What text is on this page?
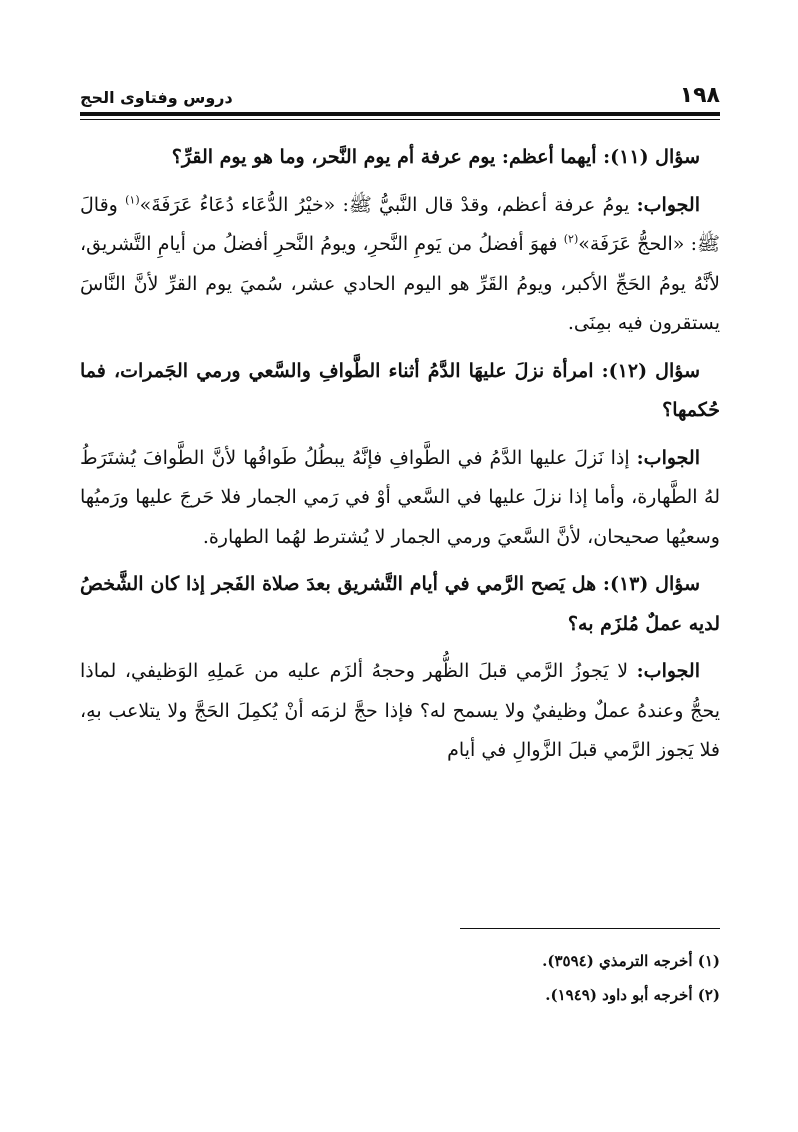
١٩٨
دروس وفتاوى الحج

سؤال (١١): أيهما أعظم: يوم عرفة أم يوم النَّحر، وما هو يوم القرِّ؟

الجواب: يومُ عرفة أعظم، وقدْ قال النَّبيُّ ﷺ: «خيْرُ الدُّعَاء دُعَاءُ عَرَفَةَ»$^{(١)}$ وقالَ ﷺ: «الحجُّ عَرَفَة»$^{(٢)}$ فهوَ أفضلُ من يَومِ النَّحرِ، ويومُ النَّحرِ أفضلُ من أيامِ التَّشريق، لأنَّهُ يومُ الحَجِّ الأكبر، ويومُ القَرِّ هو اليوم الحادي عشر، سُميَ يوم القرِّ لأنَّ النَّاسَ يستقرون فيه بمِنَى.

سؤال (١٢): امرأة نزلَ عليهَا الدَّمُ أثناء الطَّوافِ والسَّعي ورمي الجَمرات، فما حُكمها؟

الجواب: إذا نَزلَ عليها الدَّمُ في الطَّوافِ فإنَّهُ يبطُلُ طَوافُها لأنَّ الطَّوافَ يُشتَرَطُ لهُ الطَّهارة، وأما إذا نزلَ عليها في السَّعي أوْ في رَمي الجمار فلا حَرجَ عليها ورَميُها وسعيُها صحيحان، لأنَّ السَّعيَ ورمي الجمار لا يُشترط لهُما الطهارة.

سؤال (١٣): هل يَصح الرَّمي في أيام التَّشريق بعدَ صلاة الفَجر إذا كان الشَّخصُ لديه عملٌ مُلزَم به؟

الجواب: لا يَجوزُ الرَّمي قبلَ الظُّهر وحجهُ ألزَم عليه من عَملِهِ الوَظيفي، لماذا يحجُّ وعندهُ عملٌ وظيفيٌ ولا يسمح له؟ فإذا حجَّ لزمَه أنْ يُكمِلَ الحَجَّ ولا يتلاعب بهِ، فلا يَجوز الرَّمي قبلَ الزَّوالِ في أيام

(١) أخرجه الترمذي (٣٥٩٤).
(٢) أخرجه أبو داود (١٩٤٩).
